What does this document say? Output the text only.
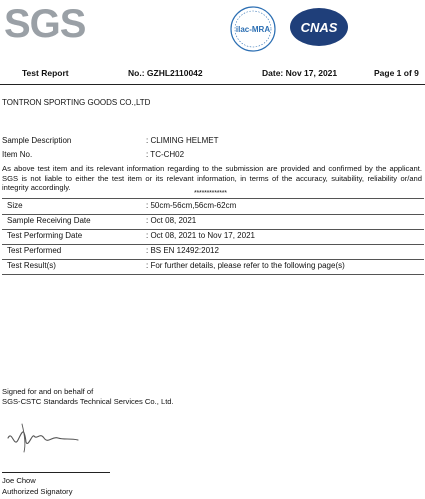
SGS	ilac-MRA CNAS
Test Report	No.: GZHL2110042	Date: Nov 17, 2021	Page 1 of 9
TONTRON SPORTING GOODS CO.,LTD
Sample Description	: CLIMING HELMET
Item No.	: TC-CH02
As above test item and its relevant information regarding to the submission are provided and confirmed by the applicant. SGS is not liable to either the test item or its relevant information, in terms of the accuracy, suitability, reliability or/and integrity accordingly.
*************
Size	: 50cm-56cm,56cm-62cm
Sample Receiving Date	: Oct 08, 2021
Test Performing Date	: Oct 08, 2021 to Nov 17, 2021
Test Performed	: BS EN 12492:2012
Test Result(s)	: For further details, please refer to the following page(s)
Signed for and on behalf of
SGS-CSTC Standards Technical Services Co., Ltd.
Joe Chow
Authorized Signatory
